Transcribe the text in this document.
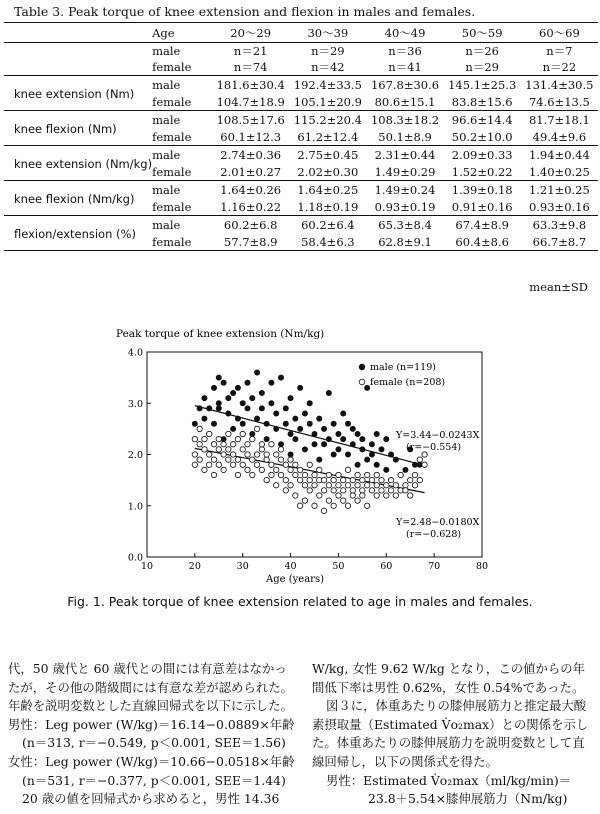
Table 3. Peak torque of knee extension and flexion in males and females.
	Age	20〜29	30〜39	40〜49	50〜59	60〜69
	male	n＝21	n＝29	n＝36	n＝26	n＝7
	female	n＝74	n＝42	n＝41	n＝29	n＝22
knee extension (Nm)	male	181.6±30.4	192.4±33.5	167.8±30.6	145.1±25.3	131.4±30.5
	female	104.7±18.9	105.1±20.9	80.6±15.1	83.8±15.6	74.6±13.5
knee flexion (Nm)	male	108.5±17.6	115.2±20.4	108.3±18.2	96.6±14.4	81.7±18.1
	female	60.1±12.3	61.2±12.4	50.1±8.9	50.2±10.0	49.4±9.6
knee extension (Nm/kg)	male	2.74±0.36	2.75±0.45	2.31±0.44	2.09±0.33	1.94±0.44
	female	2.01±0.27	2.02±0.30	1.49±0.29	1.52±0.22	1.40±0.25
knee flexion (Nm/kg)	male	1.64±0.26	1.64±0.25	1.49±0.24	1.39±0.18	1.21±0.25
	female	1.16±0.22	1.18±0.19	0.93±0.19	0.91±0.16	0.93±0.16
flexion/extension (%)	male	60.2±6.8	60.2±6.4	65.3±8.4	67.4±8.9	63.3±9.8
	female	57.7±8.9	58.4±6.3	62.8±9.1	60.4±8.6	66.7±8.7
mean±SD
Peak torque of knee extension (Nm/kg)
10	20	30	40	50	60	70	80
0.0
1.0
2.0
3.0
4.0
male (n=119)
female (n=208)
Y=3.44−0.0243X
(r=−0.554)
Y=2.48−0.0180X
(r=−0.628)
Age (years)
Fig. 1. Peak torque of knee extension related to age in males and females.

代，50 歳代と 60 歳代との間には有意差はなかっ

たが，その他の階級間には有意な差が認められた。

年齢を説明変数とした直線回帰式を以下に示した。

男性：Leg power (W/kg)＝16.14−0.0889×年齢

(n＝313, r＝−0.549, p＜0.001, SEE＝1.56)

女性：Leg power (W/kg)＝10.66−0.0518×年齢

(n＝531, r＝−0.377, p＜0.001, SEE＝1.44)

20 歳の値を回帰式から求めると，男性 14.36

W/kg, 女性 9.62 W/kg となり，この値からの年

間低下率は男性 0.62%，女性 0.54%であった。

図３に，体重あたりの膝伸展筋力と推定最大酸

素摂取量（Estimated V̇o₂max）との関係を示し

た。体重あたりの膝伸展筋力を説明変数として直

線回帰し，以下の関係式を得た。

男性：Estimated V̇o₂max（ml/kg/min)＝

23.8＋5.54×膝伸展筋力（Nm/kg)
